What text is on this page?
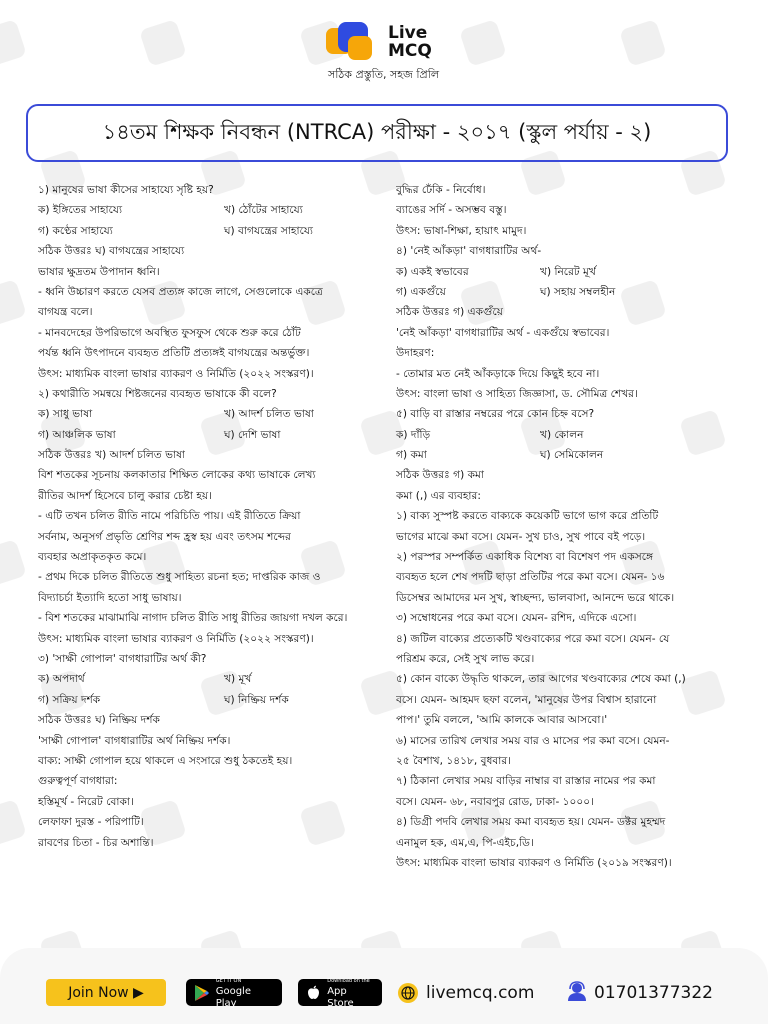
Live
MCQ
সঠিক প্রস্তুতি, সহজ প্রিলি
১৪তম শিক্ষক নিবন্ধন (NTRCA) পরীক্ষা - ২০১৭ (স্কুল পর্যায় - ২)
১) মানুষের ভাষা কীসের সাহায্যে সৃষ্টি হয়?
ক) ইঙ্গিতের সাহায্যে	খ) ঠোঁটের সাহায্যে
গ) কণ্ঠের সাহায্যে	ঘ) বাগযন্ত্রের সাহায্যে
সঠিক উত্তরঃ ঘ) বাগযন্ত্রের সাহায্যে
ভাষার ক্ষুদ্রতম উপাদান ধ্বনি।
- ধ্বনি উচ্চারণ করতে যেসব প্রত্যঙ্গ কাজে লাগে, সেগুলোকে একত্রে
বাগযন্ত্র বলে।
- মানবদেহের উপরিভাগে অবস্থিত ফুসফুস থেকে শুরু করে ঠোঁট
পর্যন্ত ধ্বনি উৎপাদনে ব্যবহৃত প্রতিটি প্রত্যঙ্গই বাগযন্ত্রের অন্তর্ভুক্ত।
উৎস: মাধ্যমিক বাংলা ভাষার ব্যাকরণ ও নির্মিতি (২০২২ সংস্করণ)।
২) কথারীতি সমন্বয়ে শিষ্টজনের ব্যবহৃত ভাষাকে কী বলে?
ক) সাধু ভাষা	খ) আদর্শ চলিত ভাষা
গ) আঞ্চলিক ভাষা	ঘ) দেশি ভাষা
সঠিক উত্তরঃ খ) আদর্শ চলিত ভাষা
বিশ শতকের সূচনায় কলকাতার শিক্ষিত লোকের কথ্য ভাষাকে লেখ্য
রীতির আদর্শ হিসেবে চালু করার চেষ্টা হয়।
- এটি তখন চলিত রীতি নামে পরিচিতি পায়। এই রীতিতে ক্রিয়া
সর্বনাম, অনুসর্গ প্রভৃতি শ্রেণির শব্দ হ্রস্ব হয় এবং তৎসম শব্দের
ব্যবহার অপ্রাকৃতকৃত কমে।
- প্রথম দিকে চলিত রীতিতে শুধু সাহিত্য রচনা হত; দাপ্তরিক কাজ ও
বিদ্যাচর্চা ইত্যাদি হতো সাধু ভাষায়।
- বিশ শতকের মাঝামাঝি নাগাদ চলিত রীতি সাধু রীতির জায়গা দখল করে।
উৎস: মাধ্যমিক বাংলা ভাষার ব্যাকরণ ও নির্মিতি (২০২২ সংস্করণ)।
৩) 'সাক্ষী গোপাল' বাগধারাটির অর্থ কী?
ক) অপদার্থ	খ) মূর্খ
গ) সক্রিয় দর্শক	ঘ) নিষ্ক্রিয় দর্শক
সঠিক উত্তরঃ ঘ) নিষ্ক্রিয় দর্শক
'সাক্ষী গোপাল' বাগধারাটির অর্থ নিষ্ক্রিয় দর্শক।
বাক্য: সাক্ষী গোপাল হয়ে থাকলে এ সংসারে শুধু ঠকতেই হয়।
গুরুত্বপূর্ণ বাগধারা:
হস্তিমূর্খ - নিরেট বোকা।
লেফাফা দুরস্ত - পরিপাটি।
রাবণের চিতা - চির অশান্তি।
বুদ্ধির ঢেঁকি - নির্বোধ।
ব্যাঙের সর্দি - অসম্ভব বস্তু।
উৎস: ভাষা-শিক্ষা, হায়াৎ মামুদ।
৪) 'নেই আঁকড়া' বাগধারাটির অর্থ-
ক) একই স্বভাবের	খ) নিরেট মূর্খ
গ) একগুঁয়ে	ঘ) সহায় সম্বলহীন
সঠিক উত্তরঃ গ) একগুঁয়ে
'নেই আঁকড়া' বাগধারাটির অর্থ - একগুঁয়ে স্বভাবের।
উদাহরণ:
- তোমার মত নেই আঁকড়াকে দিয়ে কিছুই হবে না।
উৎস: বাংলা ভাষা ও সাহিত্য জিজ্ঞাসা, ড. সৌমিত্র শেখর।
৫) বাড়ি বা রাস্তার নম্বরের পরে কোন চিহ্ন বসে?
ক) দাঁড়ি	খ) কোলন
গ) কমা	ঘ) সেমিকোলন
সঠিক উত্তরঃ গ) কমা
কমা (,) এর ব্যবহার:
১) বাক্য সুস্পষ্ট করতে বাক্যকে কয়েকটি ভাগে ভাগ করে প্রতিটি
ভাগের মাঝে কমা বসে। যেমন- সুখ চাও, সুখ পাবে বই পড়ে।
২) পরস্পর সম্পর্কিত একাধিক বিশেষ্য বা বিশেষণ পদ একসঙ্গে
ব্যবহৃত হলে শেষ পদটি ছাড়া প্রতিটির পরে কমা বসে। যেমন- ১৬
ডিসেম্বর আমাদের মন সুখ, স্বাচ্ছন্দ্য, ভালবাসা, আনন্দে ভরে থাকে।
৩) সম্বোধনের পরে কমা বসে। যেমন- রশিদ, এদিকে এসো।
৪) জটিল বাক্যের প্রত্যেকটি খণ্ডবাক্যের পরে কমা বসে। যেমন- যে
পরিশ্রম করে, সেই সুখ লাভ করে।
৫) কোন বাক্যে উদ্ধৃতি থাকলে, তার আগের খণ্ডবাক্যের শেষে কমা (,)
বসে। যেমন- আহমদ ছফা বলেন, 'মানুষের উপর বিশ্বাস হারানো
পাপ।' তুমি বললে, 'আমি কালকে আবার আসবো।'
৬) মাসের তারিখ লেখার সময় বার ও মাসের পর কমা বসে। যেমন-
২৫ বৈশাখ, ১৪১৮, বুধবার।
৭) ঠিকানা লেখার সময় বাড়ির নাম্বার বা রাস্তার নামের পর কমা
বসে। যেমন- ৬৮, নবাবপুর রোড, ঢাকা- ১০০০।
৪) ডিগ্রী পদবি লেখার সময় কমা ব্যবহৃত হয়। যেমন- ডক্টর মুহম্মদ
এনামুল হক, এম,এ, পি-এইচ,ডি।
উৎস: মাধ্যমিক বাংলা ভাষার ব্যাকরণ ও নির্মিতি (২০১৯ সংস্করণ)।
Join Now ▶
GET IT ON
Google Play
Download on the
App Store	livemcq.com	01701377322
